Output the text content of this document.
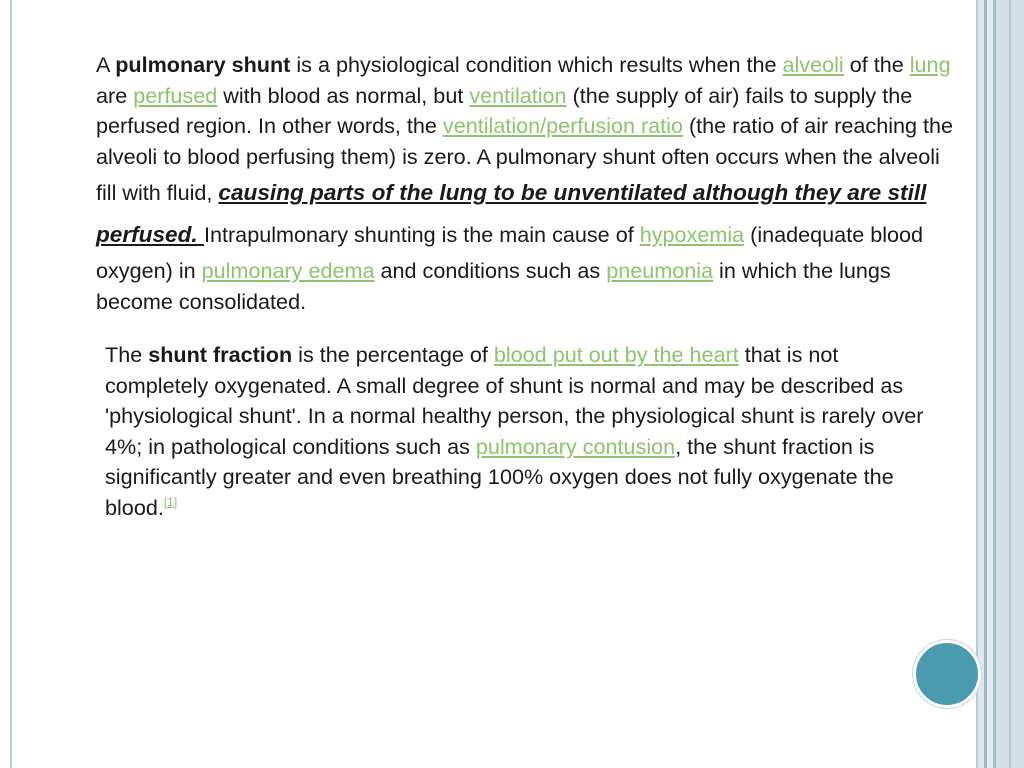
A pulmonary shunt is a physiological condition which results when the alveoli of the lung are perfused with blood as normal, but ventilation (the supply of air) fails to supply the perfused region. In other words, the ventilation/perfusion ratio (the ratio of air reaching the alveoli to blood perfusing them) is zero. A pulmonary shunt often occurs when the alveoli fill with fluid, causing parts of the lung to be unventilated although they are still perfused. Intrapulmonary shunting is the main cause of hypoxemia (inadequate blood oxygen) in pulmonary edema and conditions such as pneumonia in which the lungs become consolidated.
The shunt fraction is the percentage of blood put out by the heart that is not completely oxygenated. A small degree of shunt is normal and may be described as 'physiological shunt'. In a normal healthy person, the physiological shunt is rarely over 4%; in pathological conditions such as pulmonary contusion, the shunt fraction is significantly greater and even breathing 100% oxygen does not fully oxygenate the blood.[1]
